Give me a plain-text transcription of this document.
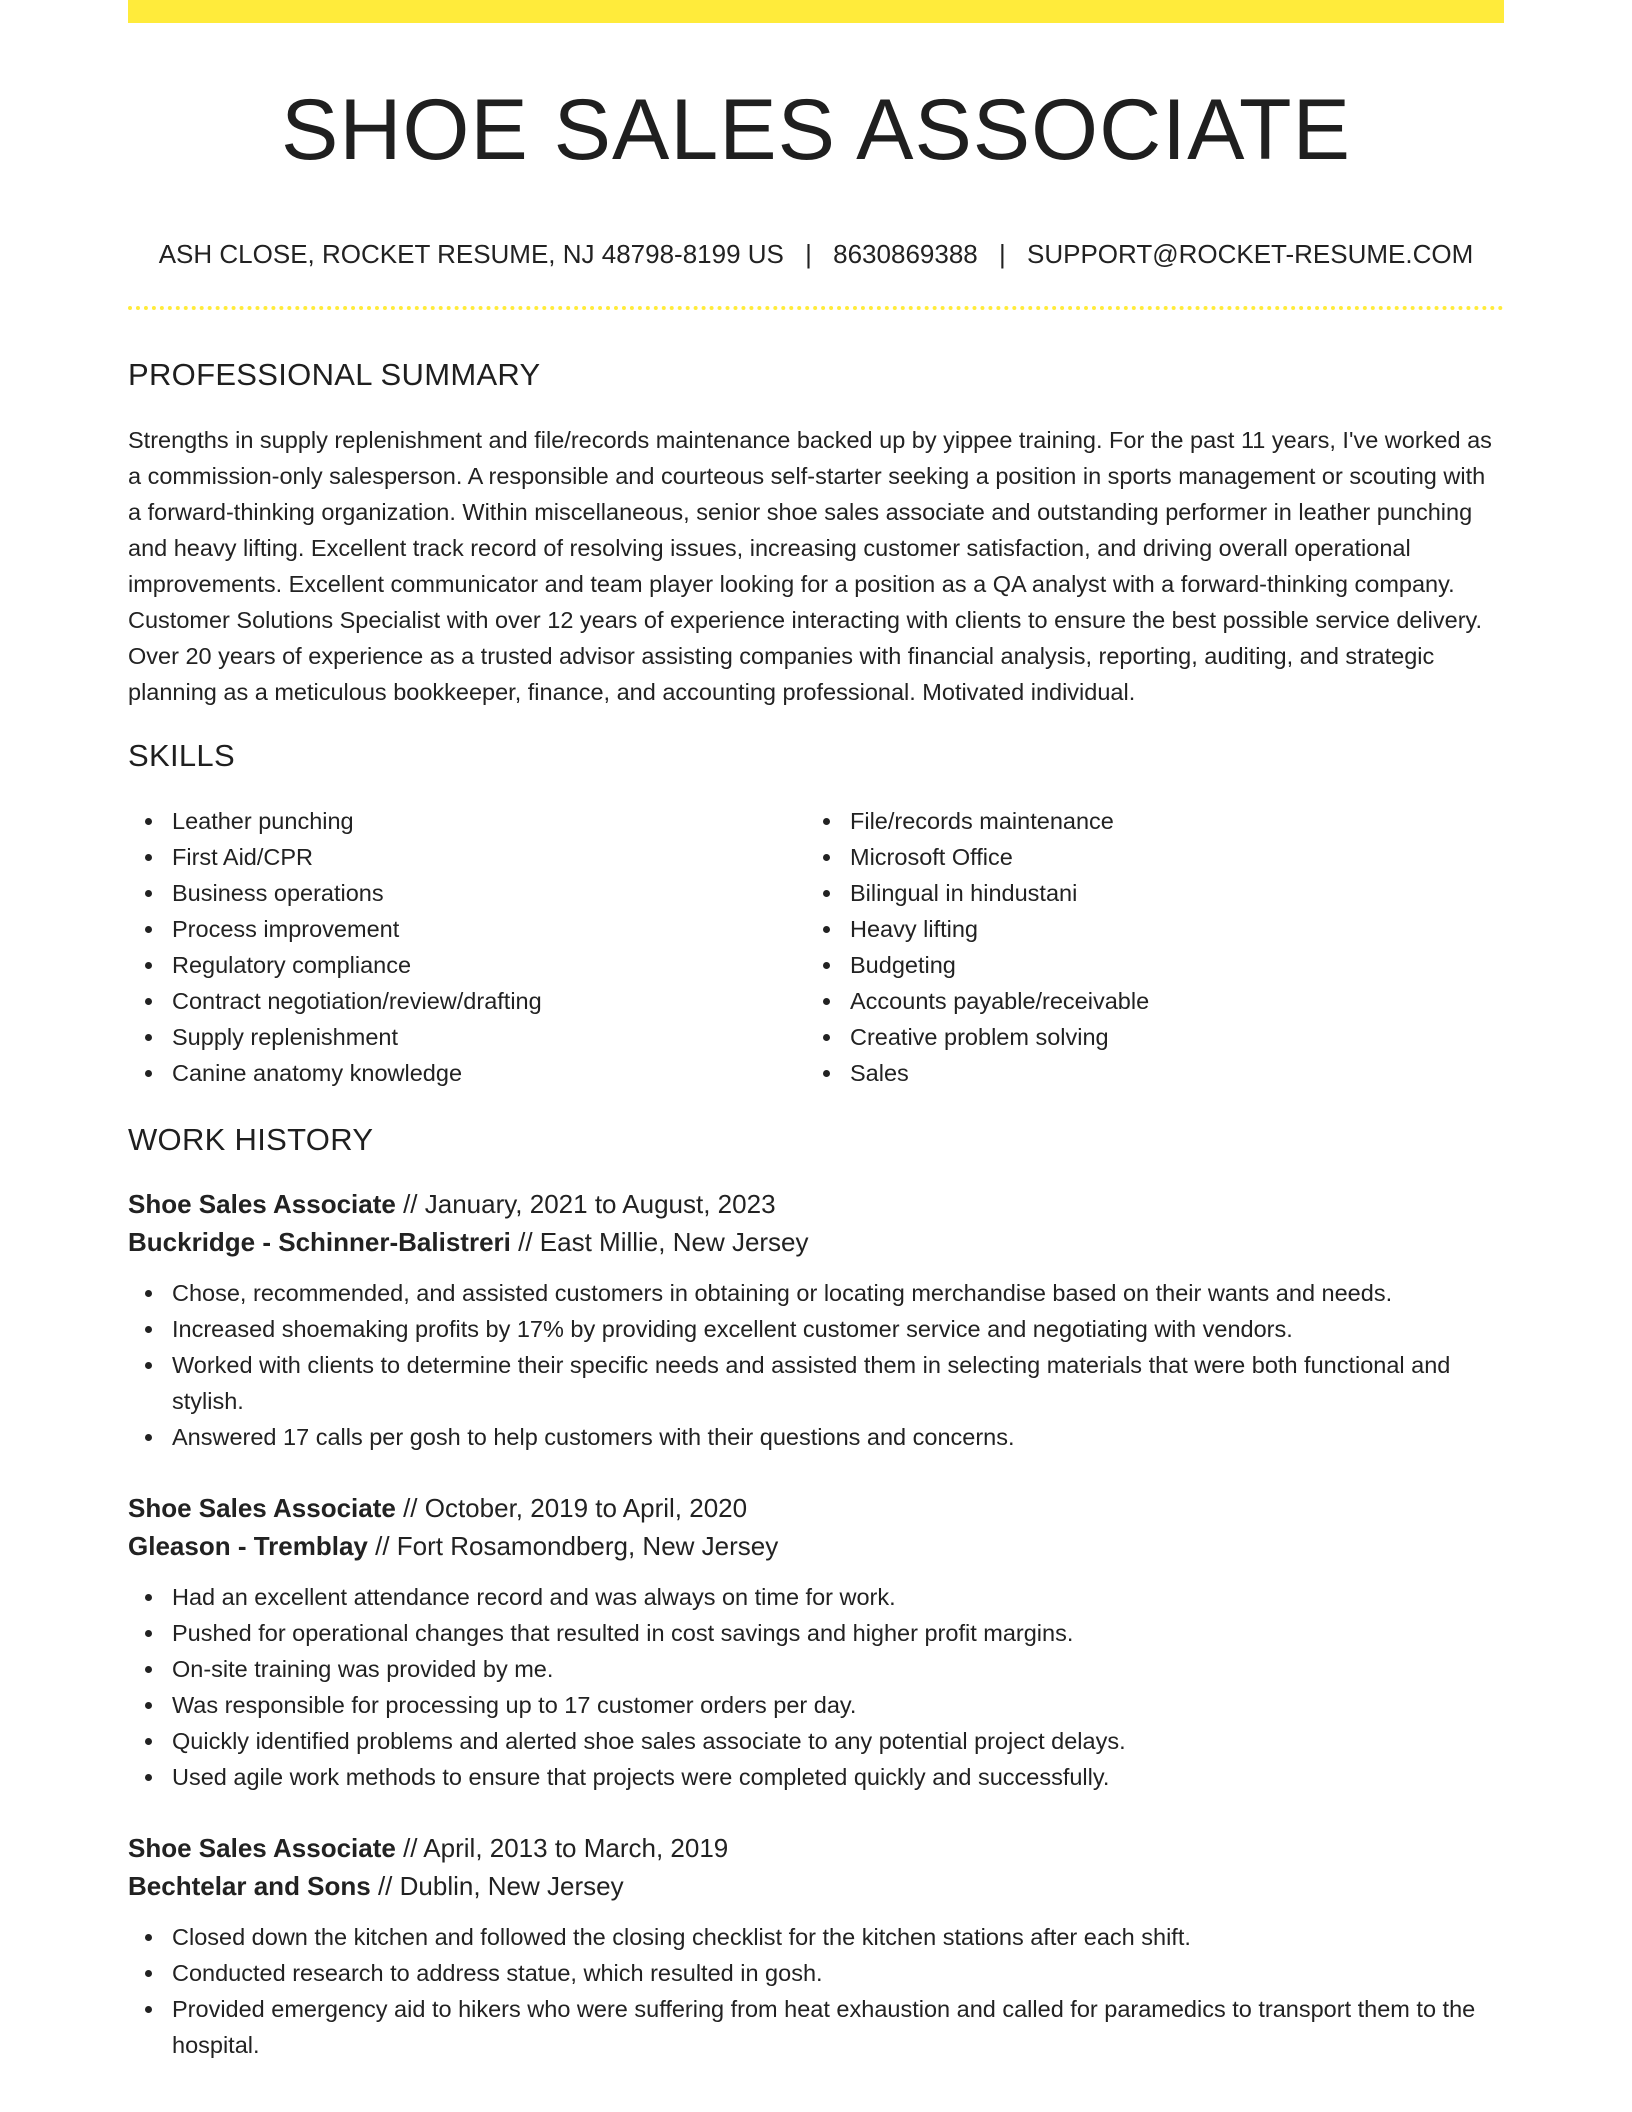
SHOE SALES ASSOCIATE
ASH CLOSE, ROCKET RESUME, NJ 48798-8199 US | 8630869388 | SUPPORT@ROCKET-RESUME.COM
PROFESSIONAL SUMMARY

Strengths in supply replenishment and file/records maintenance backed up by yippee training. For the past 11 years, I've worked as a commission-only salesperson. A responsible and courteous self-starter seeking a position in sports management or scouting with a forward-thinking organization. Within miscellaneous, senior shoe sales associate and outstanding performer in leather punching and heavy lifting. Excellent track record of resolving issues, increasing customer satisfaction, and driving overall operational improvements. Excellent communicator and team player looking for a position as a QA analyst with a forward-thinking company. Customer Solutions Specialist with over 12 years of experience interacting with clients to ensure the best possible service delivery. Over 20 years of experience as a trusted advisor assisting companies with financial analysis, reporting, auditing, and strategic planning as a meticulous bookkeeper, finance, and accounting professional. Motivated individual.

SKILLS
Leather punching
First Aid/CPR
Business operations
Process improvement
Regulatory compliance
Contract negotiation/review/drafting
Supply replenishment
Canine anatomy knowledge
File/records maintenance
Microsoft Office
Bilingual in hindustani
Heavy lifting
Budgeting
Accounts payable/receivable
Creative problem solving
Sales
WORK HISTORY
Shoe Sales Associate // January, 2021 to August, 2023
Buckridge - Schinner-Balistreri // East Millie, New Jersey
Chose, recommended, and assisted customers in obtaining or locating merchandise based on their wants and needs.
Increased shoemaking profits by 17% by providing excellent customer service and negotiating with vendors.
Worked with clients to determine their specific needs and assisted them in selecting materials that were both functional and stylish.
Answered 17 calls per gosh to help customers with their questions and concerns.
Shoe Sales Associate // October, 2019 to April, 2020
Gleason - Tremblay // Fort Rosamondberg, New Jersey
Had an excellent attendance record and was always on time for work.
Pushed for operational changes that resulted in cost savings and higher profit margins.
On-site training was provided by me.
Was responsible for processing up to 17 customer orders per day.
Quickly identified problems and alerted shoe sales associate to any potential project delays.
Used agile work methods to ensure that projects were completed quickly and successfully.
Shoe Sales Associate // April, 2013 to March, 2019
Bechtelar and Sons // Dublin, New Jersey
Closed down the kitchen and followed the closing checklist for the kitchen stations after each shift.
Conducted research to address statue, which resulted in gosh.
Provided emergency aid to hikers who were suffering from heat exhaustion and called for paramedics to transport them to the hospital.
